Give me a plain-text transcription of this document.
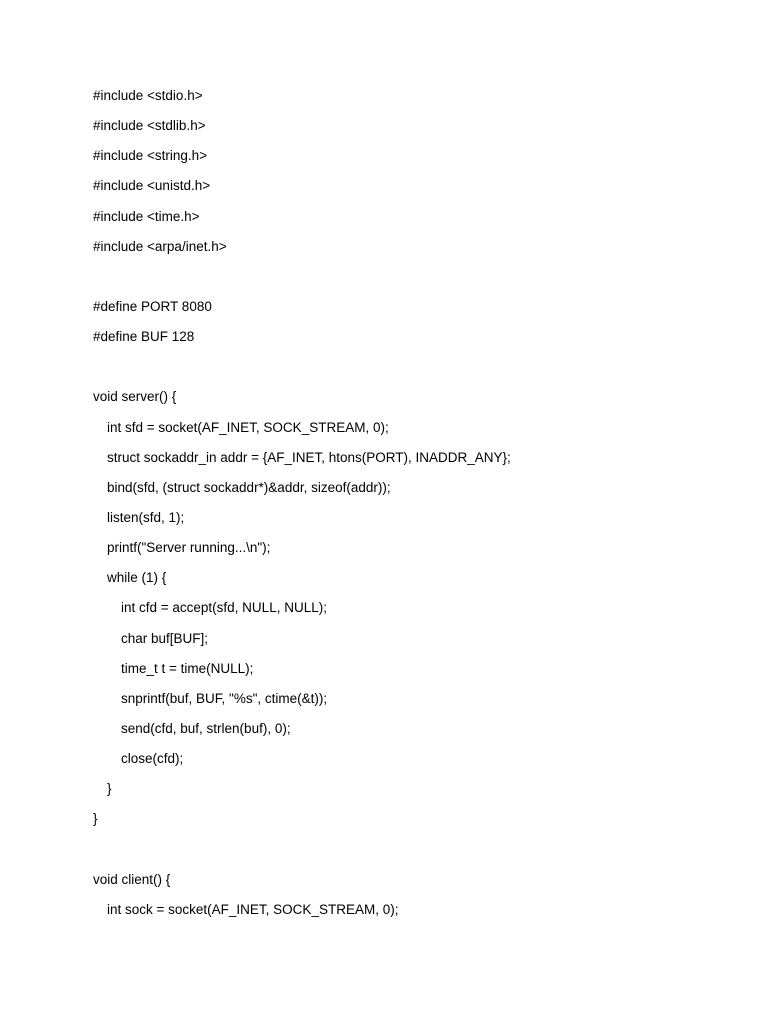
#include <stdio.h>
#include <stdlib.h>
#include <string.h>
#include <unistd.h>
#include <time.h>
#include <arpa/inet.h>
#define PORT 8080
#define BUF 128
void server() {
int sfd = socket(AF_INET, SOCK_STREAM, 0);
struct sockaddr_in addr = {AF_INET, htons(PORT), INADDR_ANY};
bind(sfd, (struct sockaddr*)&addr, sizeof(addr));
listen(sfd, 1);
printf("Server running...\n");
while (1) {
int cfd = accept(sfd, NULL, NULL);
char buf[BUF];
time_t t = time(NULL);
snprintf(buf, BUF, "%s", ctime(&t));
send(cfd, buf, strlen(buf), 0);
close(cfd);
}
}
void client() {
int sock = socket(AF_INET, SOCK_STREAM, 0);
